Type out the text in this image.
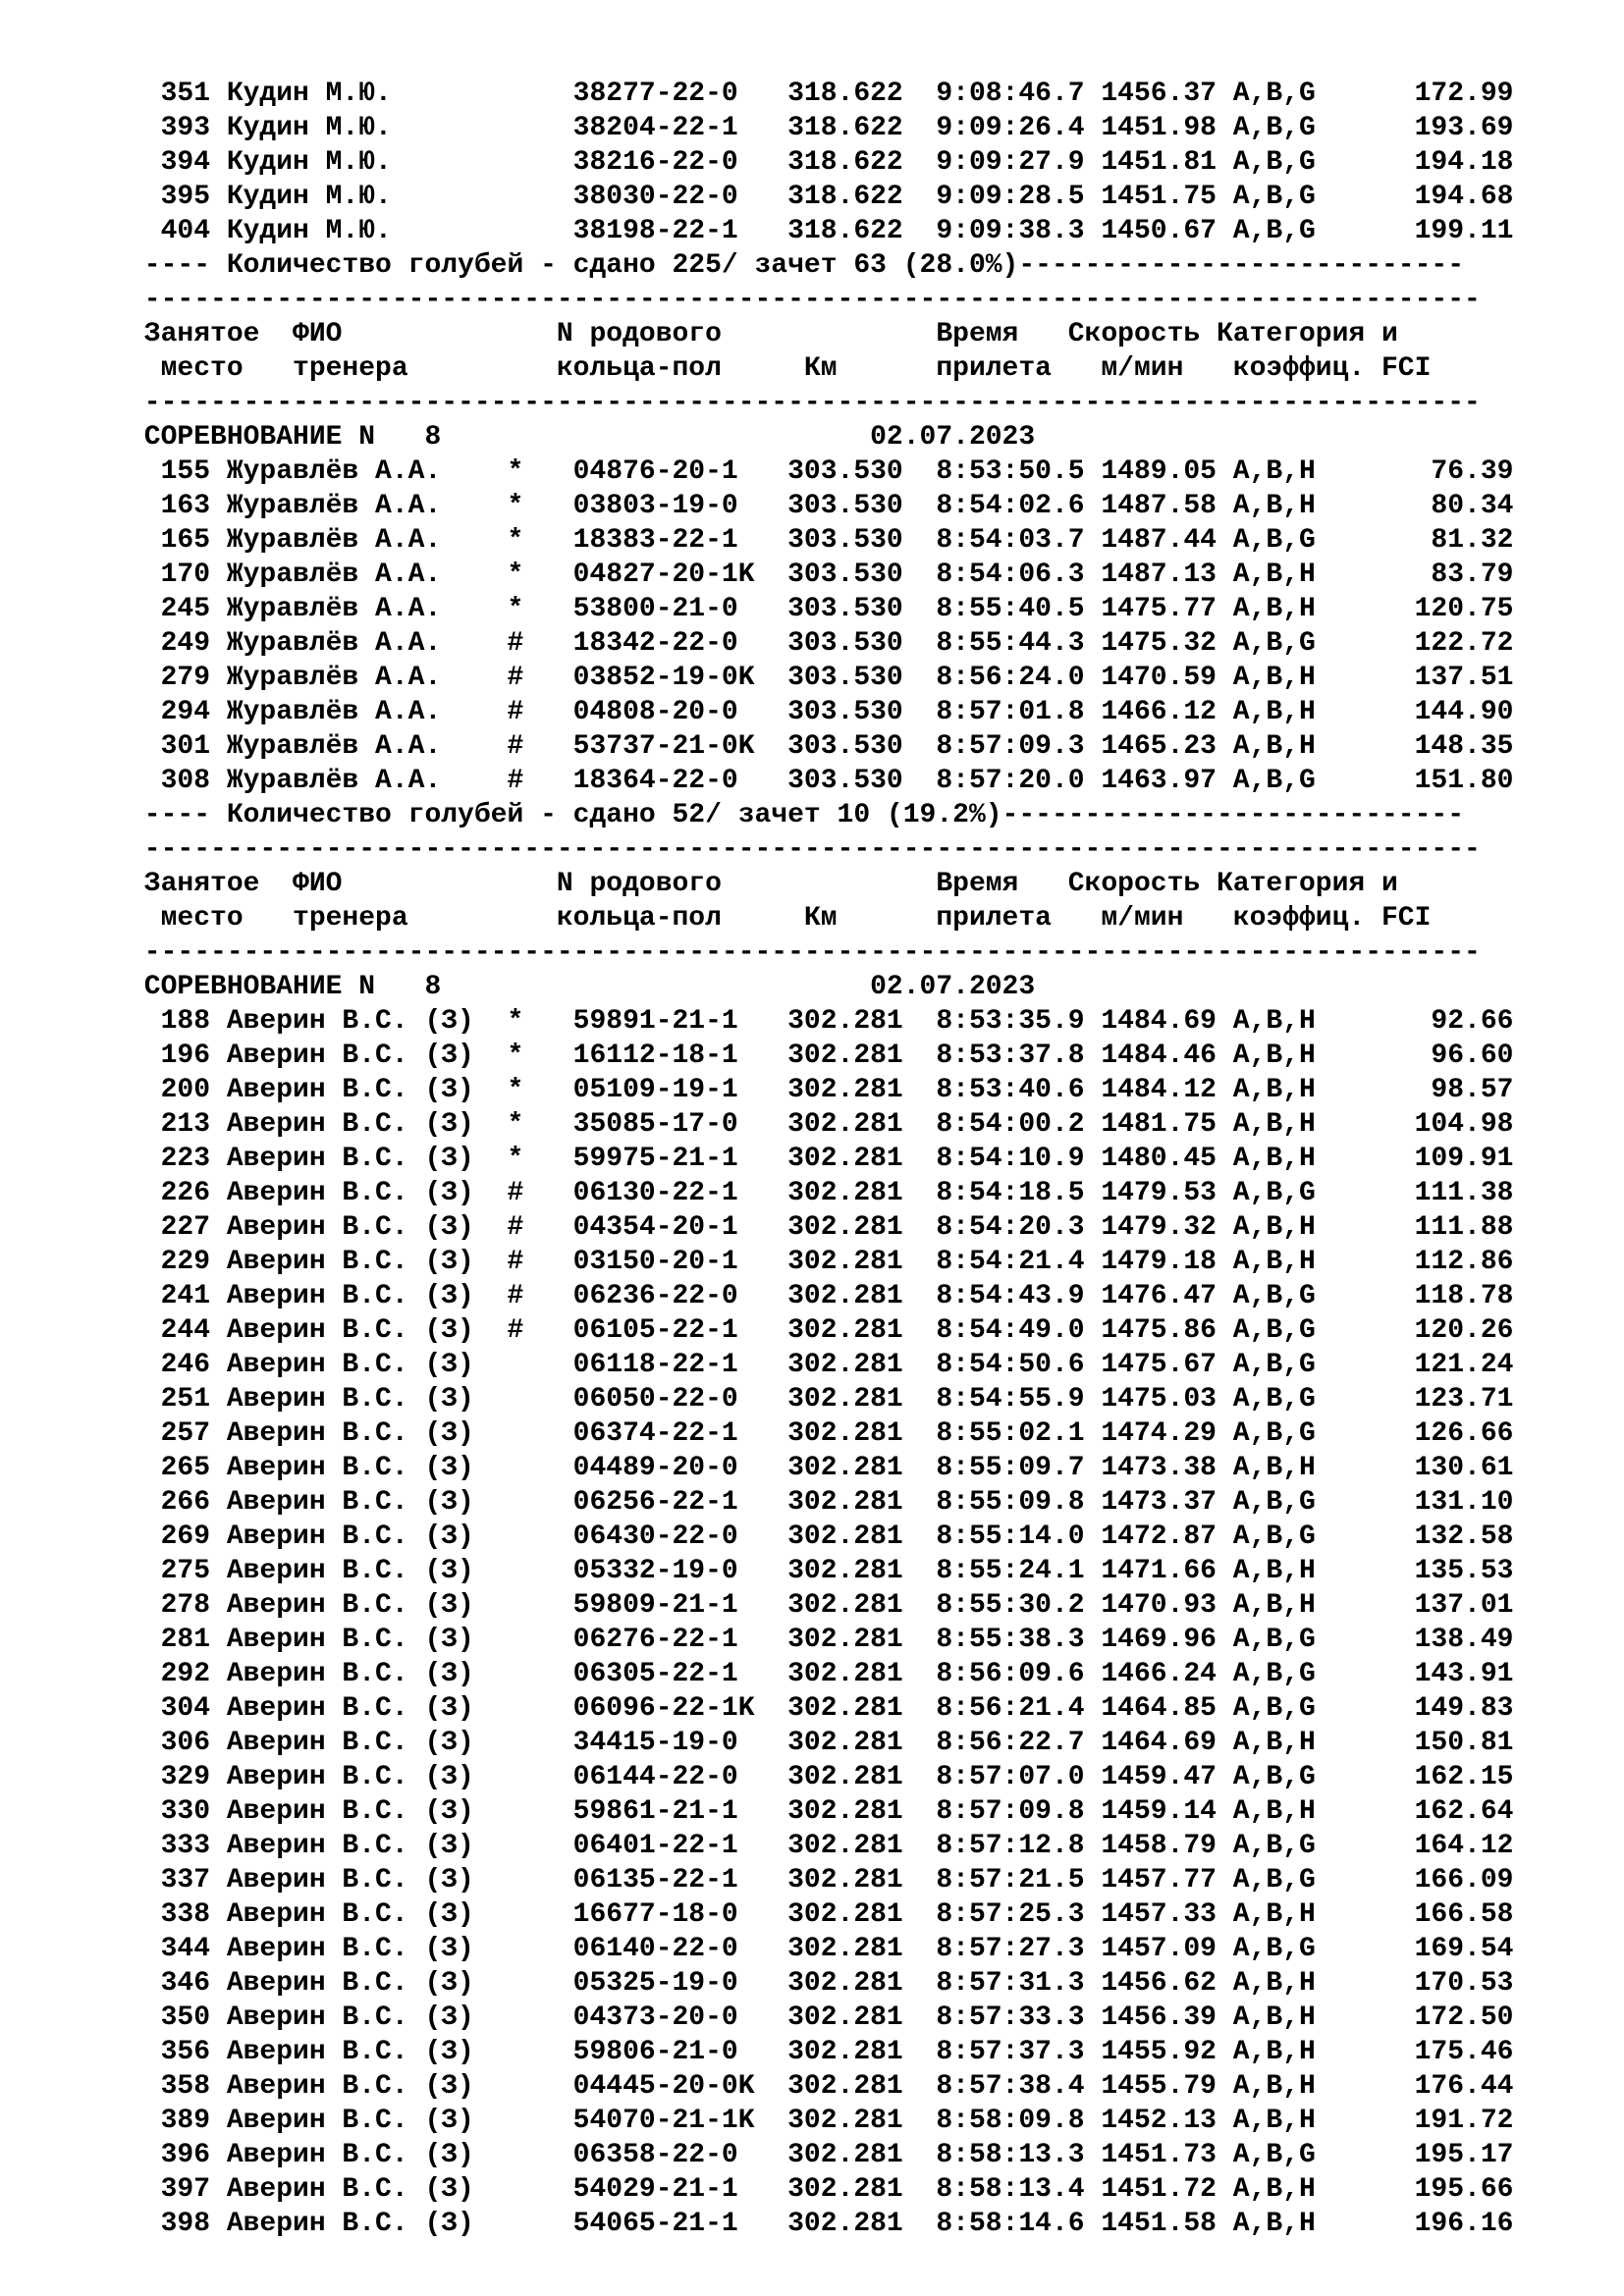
351 Кудин М.Ю.           38277-22-0   318.622  9:08:46.7 1456.37 A,B,G      172.99
393 Кудин М.Ю.           38204-22-1   318.622  9:09:26.4 1451.98 A,B,G      193.69
394 Кудин М.Ю.           38216-22-0   318.622  9:09:27.9 1451.81 A,B,G      194.18
395 Кудин М.Ю.           38030-22-0   318.622  9:09:28.5 1451.75 A,B,G      194.68
404 Кудин М.Ю.           38198-22-1   318.622  9:09:38.3 1450.67 A,B,G      199.11
---- Количество голубей - сдано 225/ зачет 63 (28.0%)---------------------------
---------------------------------------------------------------------------------
Занятое  ФИО             N родового             Время   Скорость Категория и
место   тренера         кольца-пол     Км      прилета   м/мин   коэффиц. FCI
---------------------------------------------------------------------------------
СОРЕВНОВАНИЕ N   8                          02.07.2023
155 Журавлёв А.А.    *   04876-20-1   303.530  8:53:50.5 1489.05 A,B,H       76.39
163 Журавлёв А.А.    *   03803-19-0   303.530  8:54:02.6 1487.58 A,B,H       80.34
165 Журавлёв А.А.    *   18383-22-1   303.530  8:54:03.7 1487.44 A,B,G       81.32
170 Журавлёв А.А.    *   04827-20-1K  303.530  8:54:06.3 1487.13 A,B,H       83.79
245 Журавлёв А.А.    *   53800-21-0   303.530  8:55:40.5 1475.77 A,B,H      120.75
249 Журавлёв А.А.    #   18342-22-0   303.530  8:55:44.3 1475.32 A,B,G      122.72
279 Журавлёв А.А.    #   03852-19-0K  303.530  8:56:24.0 1470.59 A,B,H      137.51
294 Журавлёв А.А.    #   04808-20-0   303.530  8:57:01.8 1466.12 A,B,H      144.90
301 Журавлёв А.А.    #   53737-21-0K  303.530  8:57:09.3 1465.23 A,B,H      148.35
308 Журавлёв А.А.    #   18364-22-0   303.530  8:57:20.0 1463.97 A,B,G      151.80
---- Количество голубей - сдано 52/ зачет 10 (19.2%)----------------------------
---------------------------------------------------------------------------------
Занятое  ФИО             N родового             Время   Скорость Категория и
место   тренера         кольца-пол     Км      прилета   м/мин   коэффиц. FCI
---------------------------------------------------------------------------------
СОРЕВНОВАНИЕ N   8                          02.07.2023
188 Аверин В.С. (З)  *   59891-21-1   302.281  8:53:35.9 1484.69 A,B,H       92.66
196 Аверин В.С. (З)  *   16112-18-1   302.281  8:53:37.8 1484.46 A,B,H       96.60
200 Аверин В.С. (З)  *   05109-19-1   302.281  8:53:40.6 1484.12 A,B,H       98.57
213 Аверин В.С. (З)  *   35085-17-0   302.281  8:54:00.2 1481.75 A,B,H      104.98
223 Аверин В.С. (З)  *   59975-21-1   302.281  8:54:10.9 1480.45 A,B,H      109.91
226 Аверин В.С. (З)  #   06130-22-1   302.281  8:54:18.5 1479.53 A,B,G      111.38
227 Аверин В.С. (З)  #   04354-20-1   302.281  8:54:20.3 1479.32 A,B,H      111.88
229 Аверин В.С. (З)  #   03150-20-1   302.281  8:54:21.4 1479.18 A,B,H      112.86
241 Аверин В.С. (З)  #   06236-22-0   302.281  8:54:43.9 1476.47 A,B,G      118.78
244 Аверин В.С. (З)  #   06105-22-1   302.281  8:54:49.0 1475.86 A,B,G      120.26
246 Аверин В.С. (З)      06118-22-1   302.281  8:54:50.6 1475.67 A,B,G      121.24
251 Аверин В.С. (З)      06050-22-0   302.281  8:54:55.9 1475.03 A,B,G      123.71
257 Аверин В.С. (З)      06374-22-1   302.281  8:55:02.1 1474.29 A,B,G      126.66
265 Аверин В.С. (З)      04489-20-0   302.281  8:55:09.7 1473.38 A,B,H      130.61
266 Аверин В.С. (З)      06256-22-1   302.281  8:55:09.8 1473.37 A,B,G      131.10
269 Аверин В.С. (З)      06430-22-0   302.281  8:55:14.0 1472.87 A,B,G      132.58
275 Аверин В.С. (З)      05332-19-0   302.281  8:55:24.1 1471.66 A,B,H      135.53
278 Аверин В.С. (З)      59809-21-1   302.281  8:55:30.2 1470.93 A,B,H      137.01
281 Аверин В.С. (З)      06276-22-1   302.281  8:55:38.3 1469.96 A,B,G      138.49
292 Аверин В.С. (З)      06305-22-1   302.281  8:56:09.6 1466.24 A,B,G      143.91
304 Аверин В.С. (З)      06096-22-1K  302.281  8:56:21.4 1464.85 A,B,G      149.83
306 Аверин В.С. (З)      34415-19-0   302.281  8:56:22.7 1464.69 A,B,H      150.81
329 Аверин В.С. (З)      06144-22-0   302.281  8:57:07.0 1459.47 A,B,G      162.15
330 Аверин В.С. (З)      59861-21-1   302.281  8:57:09.8 1459.14 A,B,H      162.64
333 Аверин В.С. (З)      06401-22-1   302.281  8:57:12.8 1458.79 A,B,G      164.12
337 Аверин В.С. (З)      06135-22-1   302.281  8:57:21.5 1457.77 A,B,G      166.09
338 Аверин В.С. (З)      16677-18-0   302.281  8:57:25.3 1457.33 A,B,H      166.58
344 Аверин В.С. (З)      06140-22-0   302.281  8:57:27.3 1457.09 A,B,G      169.54
346 Аверин В.С. (З)      05325-19-0   302.281  8:57:31.3 1456.62 A,B,H      170.53
350 Аверин В.С. (З)      04373-20-0   302.281  8:57:33.3 1456.39 A,B,H      172.50
356 Аверин В.С. (З)      59806-21-0   302.281  8:57:37.3 1455.92 A,B,H      175.46
358 Аверин В.С. (З)      04445-20-0K  302.281  8:57:38.4 1455.79 A,B,H      176.44
389 Аверин В.С. (З)      54070-21-1K  302.281  8:58:09.8 1452.13 A,B,H      191.72
396 Аверин В.С. (З)      06358-22-0   302.281  8:58:13.3 1451.73 A,B,G      195.17
397 Аверин В.С. (З)      54029-21-1   302.281  8:58:13.4 1451.72 A,B,H      195.66
398 Аверин В.С. (З)      54065-21-1   302.281  8:58:14.6 1451.58 A,B,H      196.16
